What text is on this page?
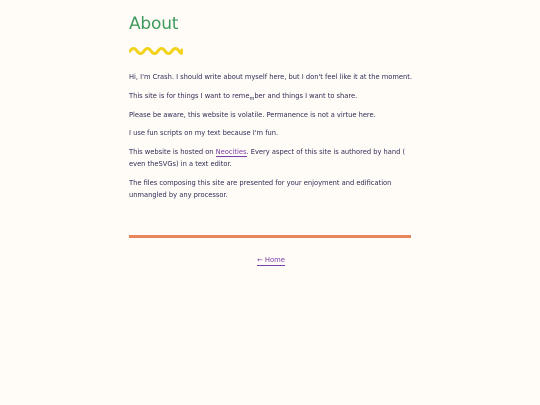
About

Hi, I'm Crash. I should write about myself here, but I don't feel like it at the moment.

This site is for things I want to reme$_m$ber and things I want to share.

Please be aware, this website is volatile. Permanence is not a virtue here.

I use fun scripts on my text because I'm fun.

This website is hosted on Neocities. Every aspect of this site is authored by hand ( even theSVGs) in a text editor.

The files composing this site are presented for your enjoyment and edification unmangled by any processor.

← Home
